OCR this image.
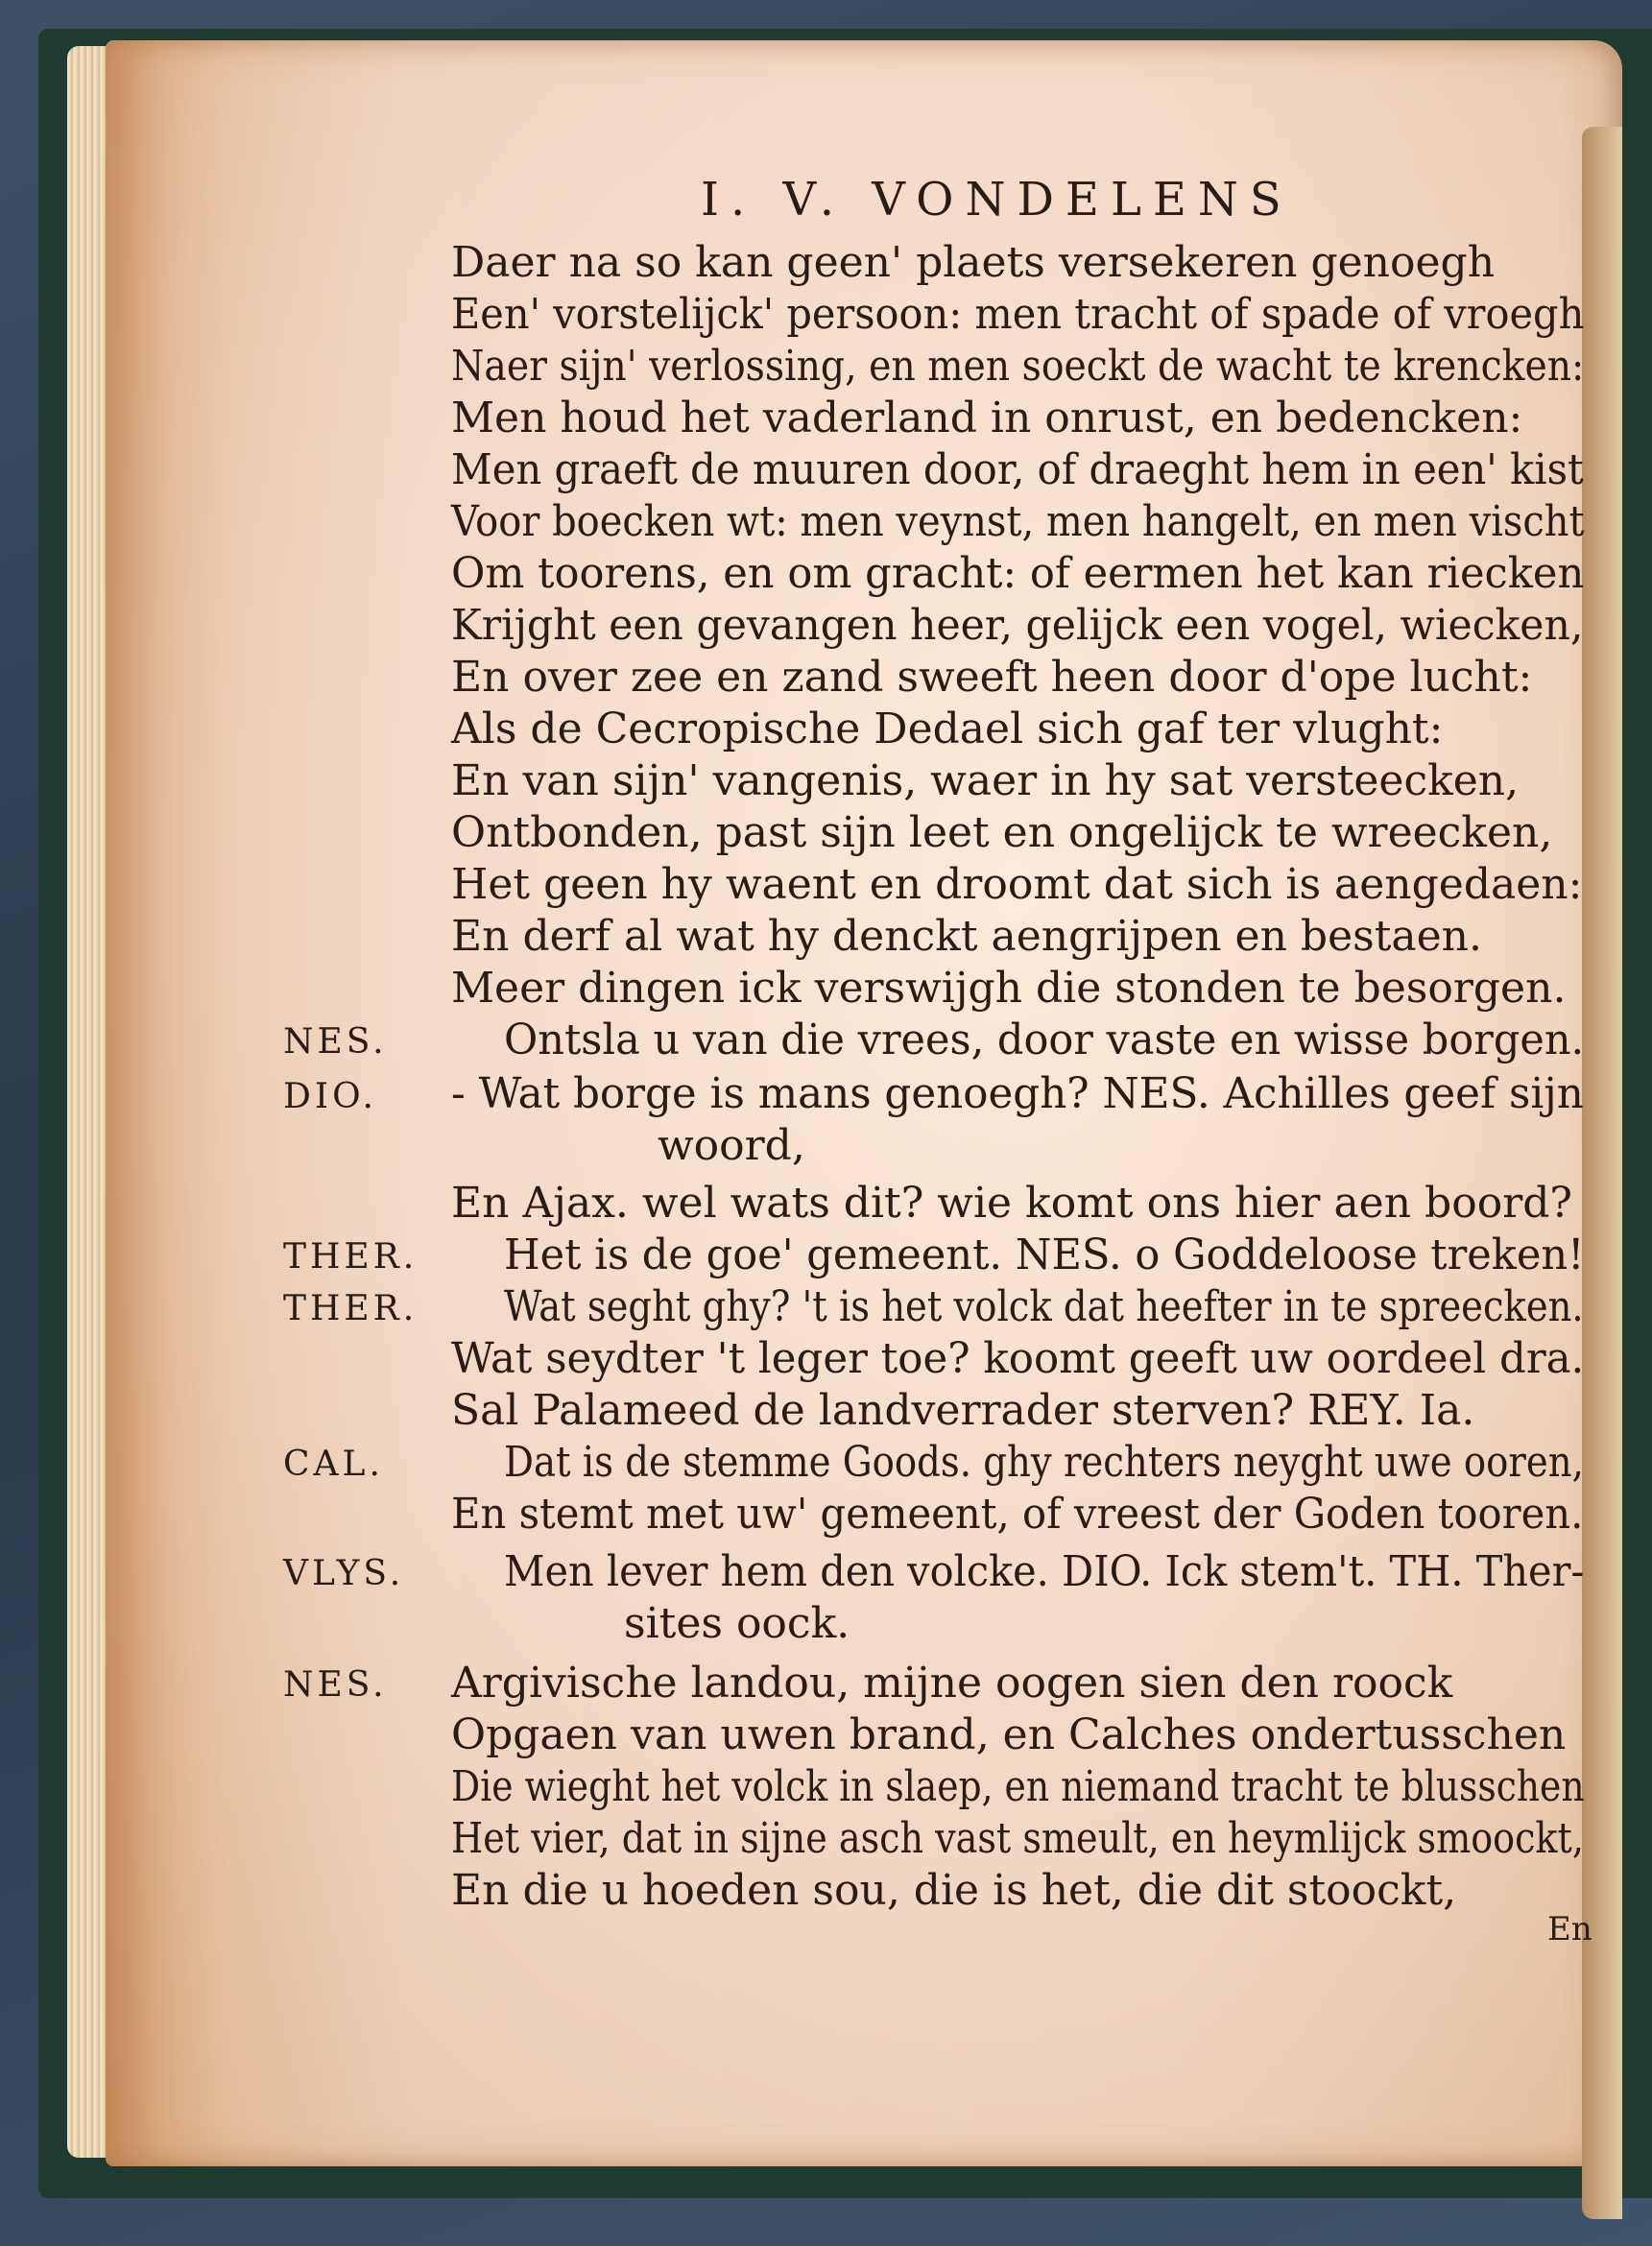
I. V. VONDELENS
Daer na so kan geen' plaets versekeren genoegh
Een' vorstelijck' persoon: men tracht of spade of vroegh
Naer sijn' verlossing, en men soeckt de wacht te krencken:
Men houd het vaderland in onrust, en bedencken:
Men graeft de muuren door, of draeght hem in een' kist
Voor boecken wt: men veynst, men hangelt, en men vischt
Om toorens, en om gracht: of eermen het kan riecken
Krijght een gevangen heer, gelijck een vogel, wiecken,
En over zee en zand sweeft heen door d'ope lucht:
Als de Cecropische Dedael sich gaf ter vlught:
En van sijn' vangenis, waer in hy sat versteecken,
Ontbonden, past sijn leet en ongelijck te wreecken,
Het geen hy waent en droomt dat sich is aengedaen:
En derf al wat hy denckt aengrijpen en bestaen.
Meer dingen ick verswijgh die stonden te besorgen.
NES.	Ontsla u van die vrees, door vaste en wisse borgen.
DIO. - Wat borge is mans genoegh? NES. Achilles geef sijn
woord,
En Ajax. wel wats dit? wie komt ons hier aen boord?
THER. Het is de goe' gemeent. NES. o Goddeloose treken!
THER. Wat seght ghy? 't is het volck dat heefter in te spreecken.
Wat seydter 't leger toe? koomt geeft uw oordeel dra.
Sal Palameed de landverrader sterven? REY. Ia.
CAL.	Dat is de stemme Goods. ghy rechters neyght uwe ooren,
En stemt met uw' gemeent, of vreest der Goden tooren.
VLYS. Men lever hem den volcke. DIO. Ick stem't. TH. Ther-
sites oock.
NES. Argivische landou, mijne oogen sien den roock
Opgaen van uwen brand, en Calches ondertusschen
Die wieght het volck in slaep, en niemand tracht te blusschen
Het vier, dat in sijne asch vast smeult, en heymlijck smoockt,
En die u hoeden sou, die is het, die dit stoockt,
En
